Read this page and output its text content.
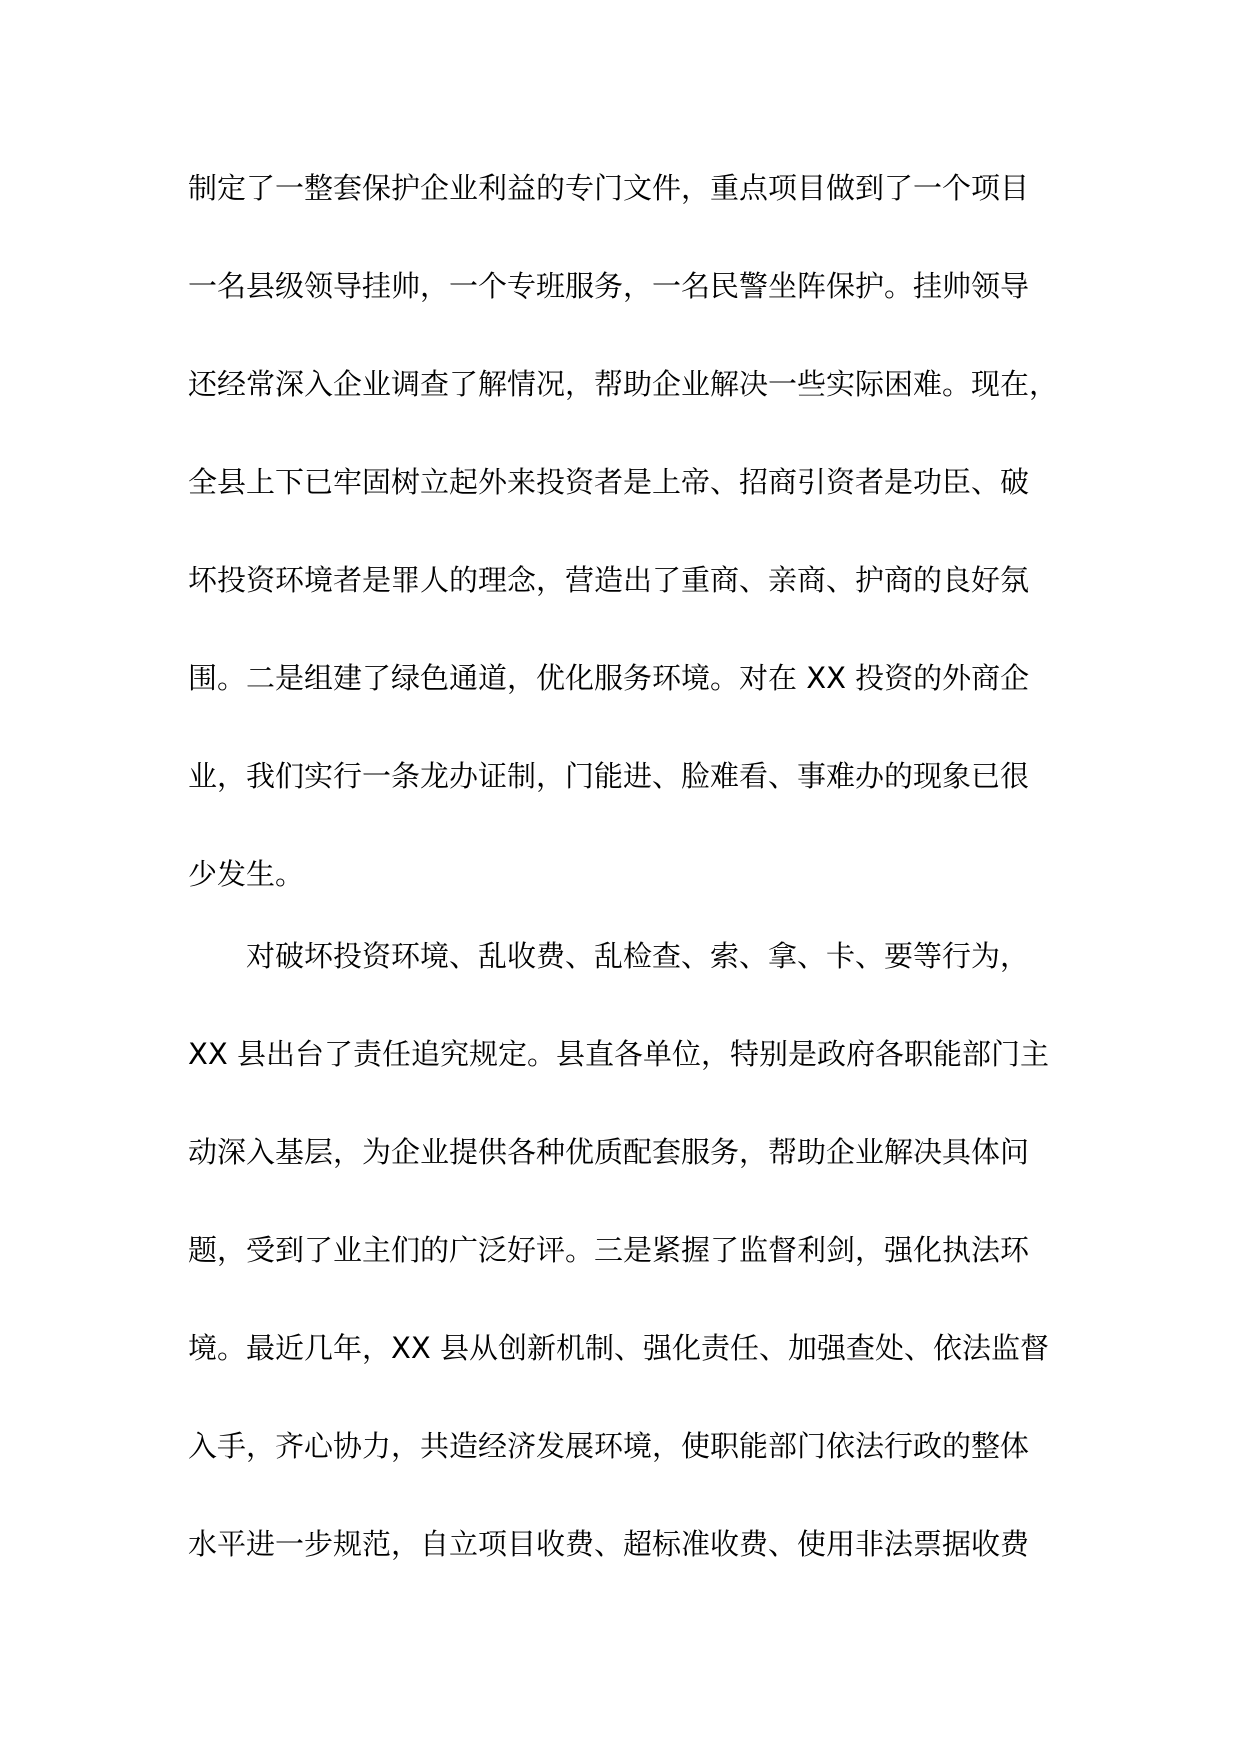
制定了一整套保护企业利益的专门文件，重点项目做到了一个项目
一名县级领导挂帅，一个专班服务，一名民警坐阵保护。挂帅领导
还经常深入企业调查了解情况，帮助企业解决一些实际困难。现在，
全县上下已牢固树立起外来投资者是上帝、招商引资者是功臣、破
坏投资环境者是罪人的理念，营造出了重商、亲商、护商的良好氛
围。二是组建了绿色通道，优化服务环境。对在 XX 投资的外商企
业，我们实行一条龙办证制，门能进、脸难看、事难办的现象已很
少发生。
对破坏投资环境、乱收费、乱检查、索、拿、卡、要等行为，
XX 县出台了责任追究规定。县直各单位，特别是政府各职能部门主
动深入基层，为企业提供各种优质配套服务，帮助企业解决具体问
题，受到了业主们的广泛好评。三是紧握了监督利剑，强化执法环
境。最近几年，XX 县从创新机制、强化责任、加强查处、依法监督
入手，齐心协力，共造经济发展环境，使职能部门依法行政的整体
水平进一步规范，自立项目收费、超标准收费、使用非法票据收费
